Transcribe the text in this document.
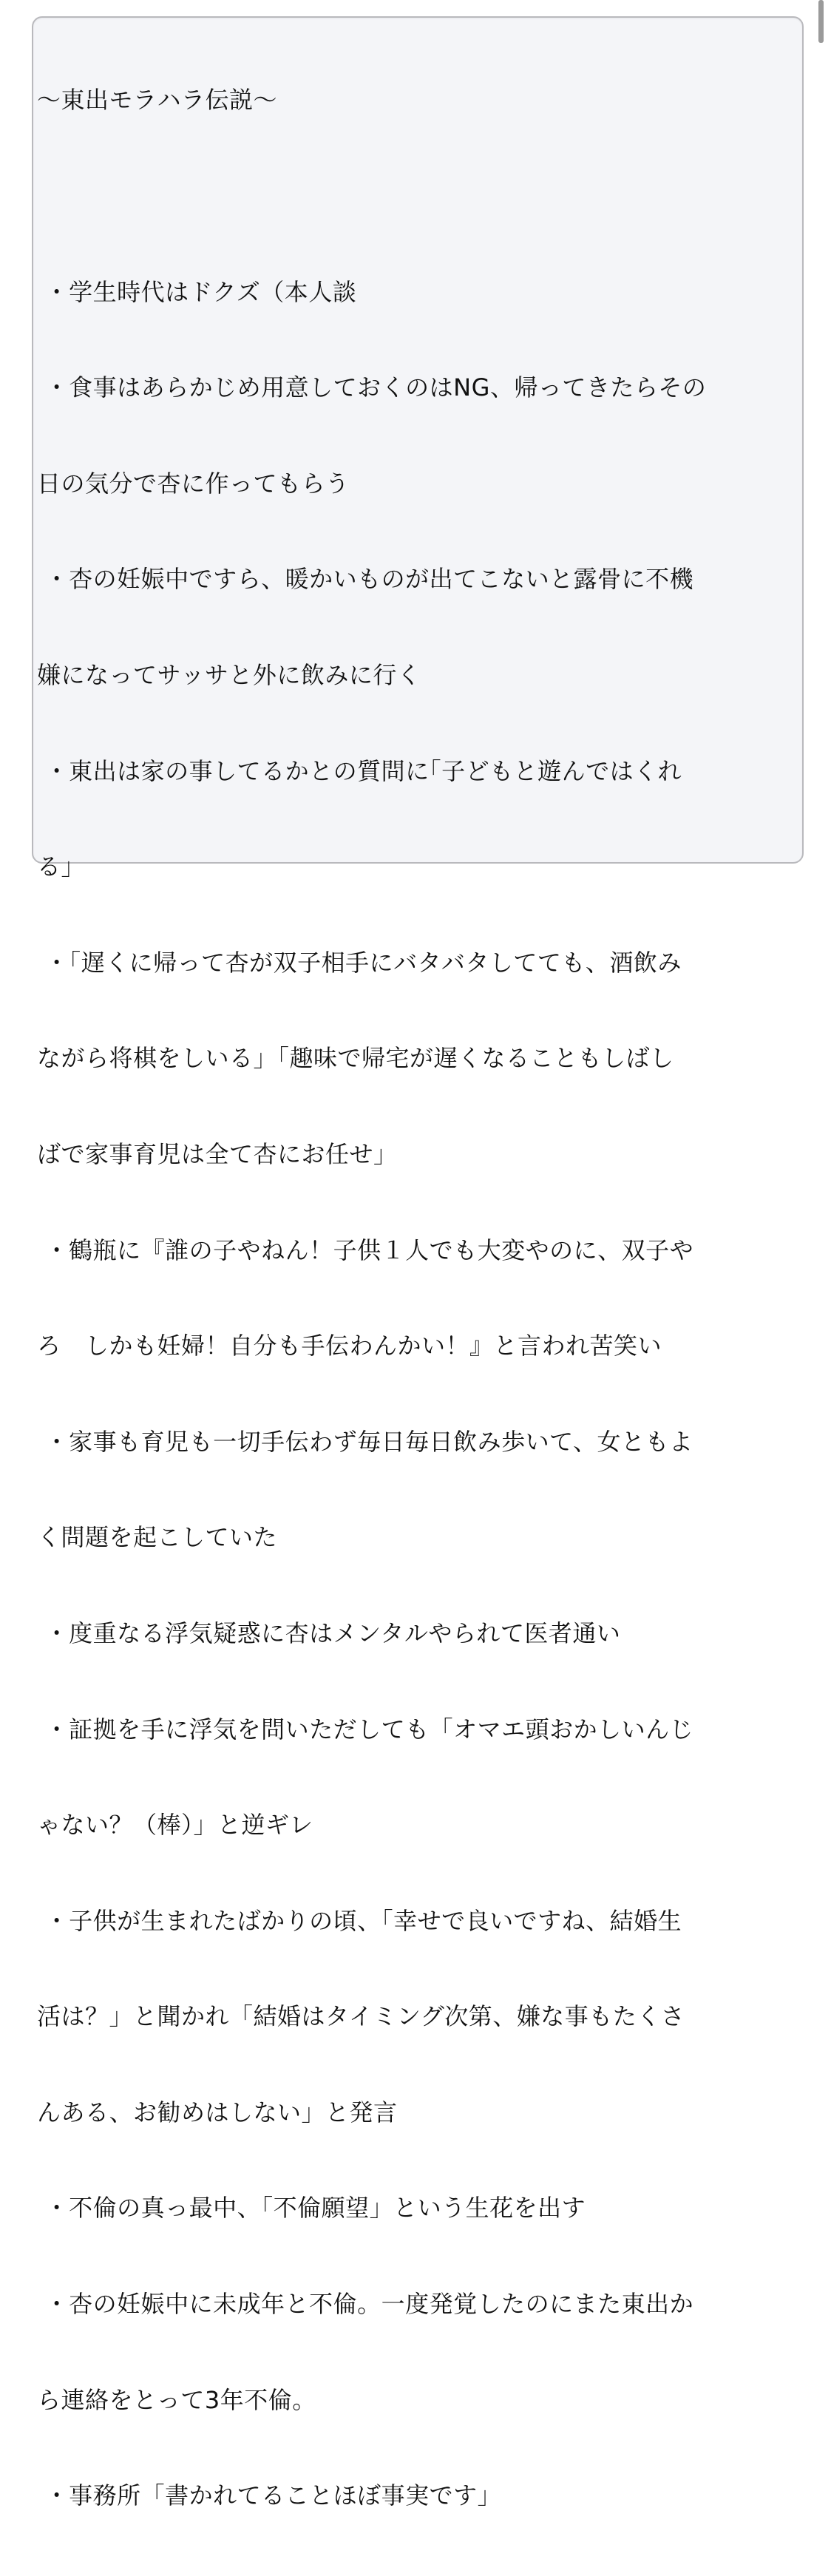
～東出モラハラ伝説～

・学生時代はドクズ（本人談

・食事はあらかじめ用意しておくのはNG、帰ってきたらその

日の気分で杏に作ってもらう

・杏の妊娠中ですら、暖かいものが出てこないと露骨に不機

嫌になってサッサと外に飲みに行く

・東出は家の事してるかとの質問に｢子どもと遊んではくれ

る｣

・「遅くに帰って杏が双子相手にバタバタしてても、酒飲み

ながら将棋をしいる」「趣味で帰宅が遅くなることもしばし

ばで家事育児は全て杏にお任せ」

・鶴瓶に『誰の子やねん！子供１人でも大変やのに、双子や

ろ　しかも妊婦！自分も手伝わんかい！』と言われ苦笑い

・家事も育児も一切手伝わず毎日毎日飲み歩いて、女ともよ

く問題を起こしていた

・度重なる浮気疑惑に杏はメンタルやられて医者通い

・証拠を手に浮気を問いただしても「オマエ頭おかしいんじ

ゃない？（棒）」と逆ギレ

・子供が生まれたばかりの頃、「幸せで良いですね、結婚生

活は？」と聞かれ「結婚はタイミング次第、嫌な事もたくさ

んある、お勧めはしない」と発言

・不倫の真っ最中、「不倫願望」という生花を出す

・杏の妊娠中に未成年と不倫。一度発覚したのにまた東出か

ら連絡をとって3年不倫。

・事務所「書かれてることほぼ事実です」
